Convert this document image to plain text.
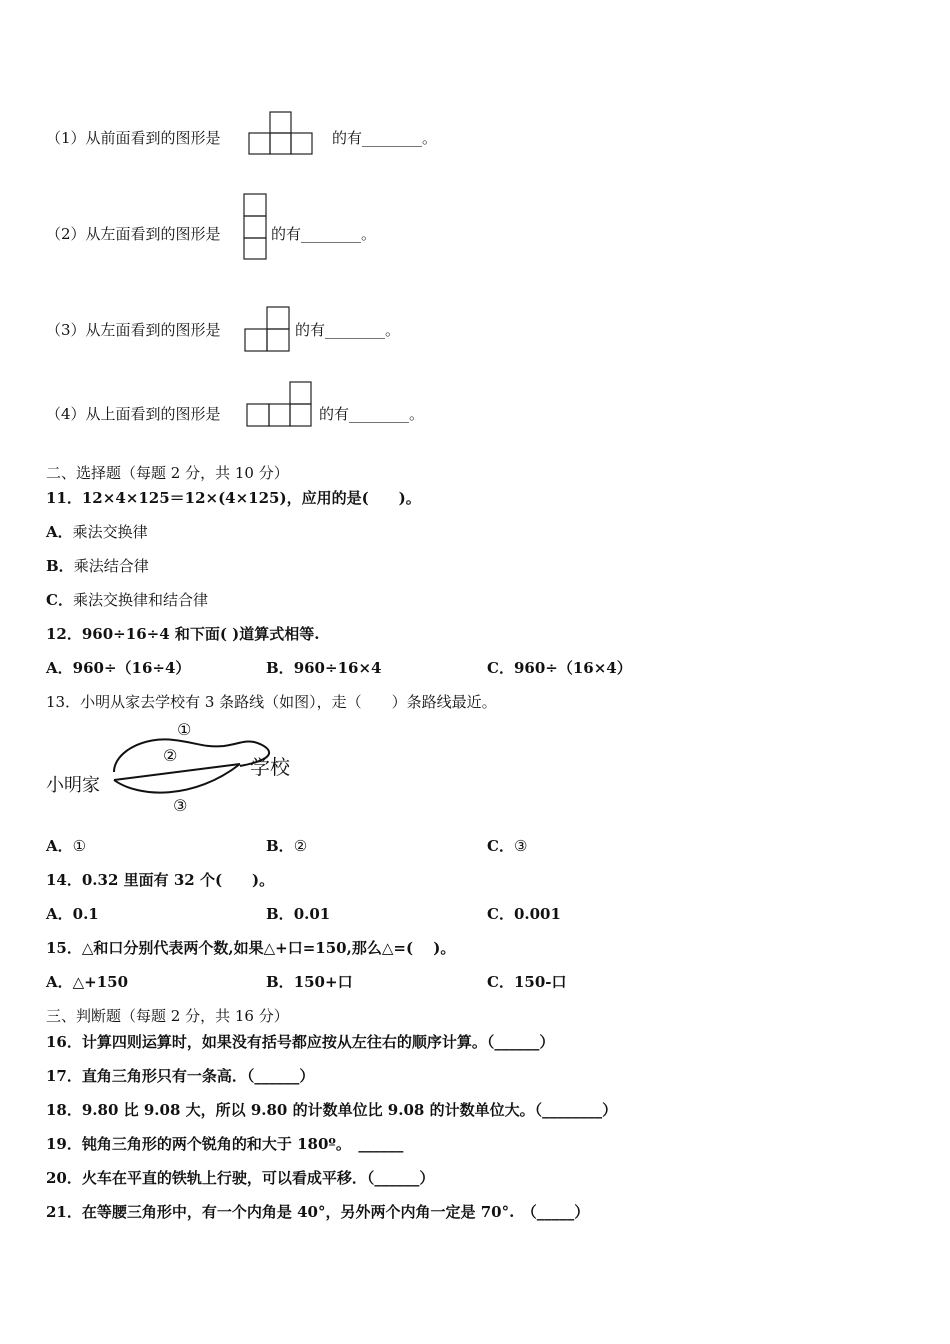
（1）从前面看到的图形是	的有________。
（2）从左面看到的图形是	的有________。
（3）从左面看到的图形是	的有________。
（4）从上面看到的图形是	的有________。
二、选择题（每题 2 分，共 10 分）
11．12×4×125＝12×(4×125)，应用的是(　　)。
A．乘法交换律
B．乘法结合律
C．乘法交换律和结合律
12．960÷16÷4 和下面( )道算式相等.
A．960÷（16÷4）	B．960÷16×4	C．960÷（16×4）
13．小明从家去学校有 3 条路线（如图），走（　　）条路线最近。
①
②
③
小明家
学校
A．①	B．②	C．③
14．0.32 里面有 32 个(　　)。
A．0.1	B．0.01	C．0.001
15．△和口分别代表两个数,如果△+口=150,那么△=(　 )。
A．△+150	B．150+口	C．150-口
三、判断题（每题 2 分，共 16 分）
16．计算四则运算时，如果没有括号都应按从左往右的顺序计算。（______）
17．直角三角形只有一条高．（______）
18．9.80 比 9.08 大，所以 9.80 的计数单位比 9.08 的计数单位大。（________）
19．钝角三角形的两个锐角的和大于 180º。　______
20．火车在平直的铁轨上行驶，可以看成平移．（______）
21．在等腰三角形中，有一个内角是 40°，另外两个内角一定是 70°.　（_____）
